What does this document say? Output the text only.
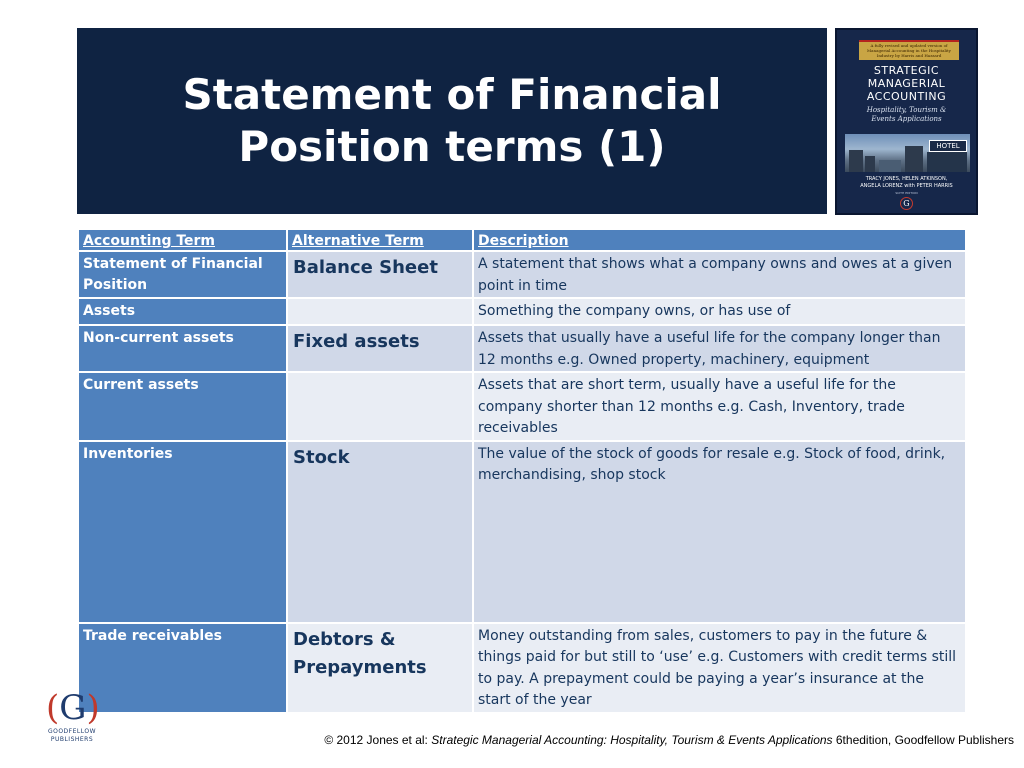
Statement of Financial
Position terms (1)
A fully revised and updated version of Managerial Accounting in the Hospitality Industry by Harris and Hazzard
STRATEGIC
MANAGERIAL
ACCOUNTING
Hospitality, Tourism &
Events Applications
HOTEL
TRACY JONES, HELEN ATKINSON,
ANGELA LORENZ with PETER HARRIS
SIXTH EDITION
G
Accounting Term	Alternative Term	Description
Statement of Financial Position	Balance Sheet	A statement that shows what a company owns and owes at a given point in time
Assets		Something the company owns, or has use of
Non-current assets	Fixed assets	Assets that usually have a useful life for the company longer than 12 months e.g. Owned property, machinery, equipment
Current assets		Assets that are short term, usually have a useful life for the company shorter than 12 months e.g. Cash, Inventory, trade receivables
Inventories	Stock	The value of the stock of goods for resale e.g. Stock of food, drink, merchandising, shop stock
Trade receivables	Debtors & Prepayments	Money outstanding from sales, customers to pay in the future & things paid for but still to ‘use’ e.g. Customers with credit terms still to pay. A prepayment could be paying a year’s insurance at the start of the year
(G)
GOODFELLOW
PUBLISHERS	© 2012 Jones et al: Strategic Managerial Accounting: Hospitality, Tourism & Events Applications 6thedition, Goodfellow Publishers
